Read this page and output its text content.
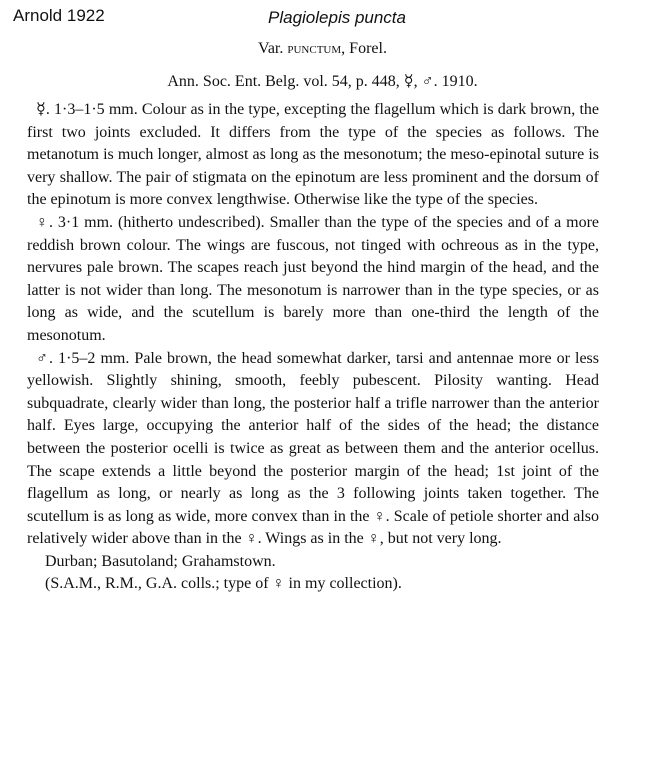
Arnold 1922	Plagiolepis puncta
Var. punctum, Forel.
Ann. Soc. Ent. Belg. vol. 54, p. 448, ☿, ♂. 1910.

☿. 1·3–1·5 mm. Colour as in the type, excepting the flagellum which is dark brown, the first two joints excluded. It differs from the type of the species as follows. The metanotum is much longer, almost as long as the mesonotum; the meso-epinotal suture is very shallow. The pair of stigmata on the epinotum are less prominent and the dorsum of the epinotum is more convex lengthwise. Otherwise like the type of the species.

♀. 3·1 mm. (hitherto undescribed). Smaller than the type of the species and of a more reddish brown colour. The wings are fuscous, not tinged with ochreous as in the type, nervures pale brown. The scapes reach just beyond the hind margin of the head, and the latter is not wider than long. The mesonotum is narrower than in the type species, or as long as wide, and the scutellum is barely more than one-third the length of the mesonotum.

♂. 1·5–2 mm. Pale brown, the head somewhat darker, tarsi and antennae more or less yellowish. Slightly shining, smooth, feebly pubescent. Pilosity wanting. Head subquadrate, clearly wider than long, the posterior half a trifle narrower than the anterior half. Eyes large, occupying the anterior half of the sides of the head; the distance between the posterior ocelli is twice as great as between them and the anterior ocellus. The scape extends a little beyond the posterior margin of the head; 1st joint of the flagellum as long, or nearly as long as the 3 following joints taken together. The scutellum is as long as wide, more convex than in the ♀. Scale of petiole shorter and also relatively wider above than in the ♀. Wings as in the ♀, but not very long.

Durban; Basutoland; Grahamstown.

(S.A.M., R.M., G.A. colls.; type of ♀ in my collection).
